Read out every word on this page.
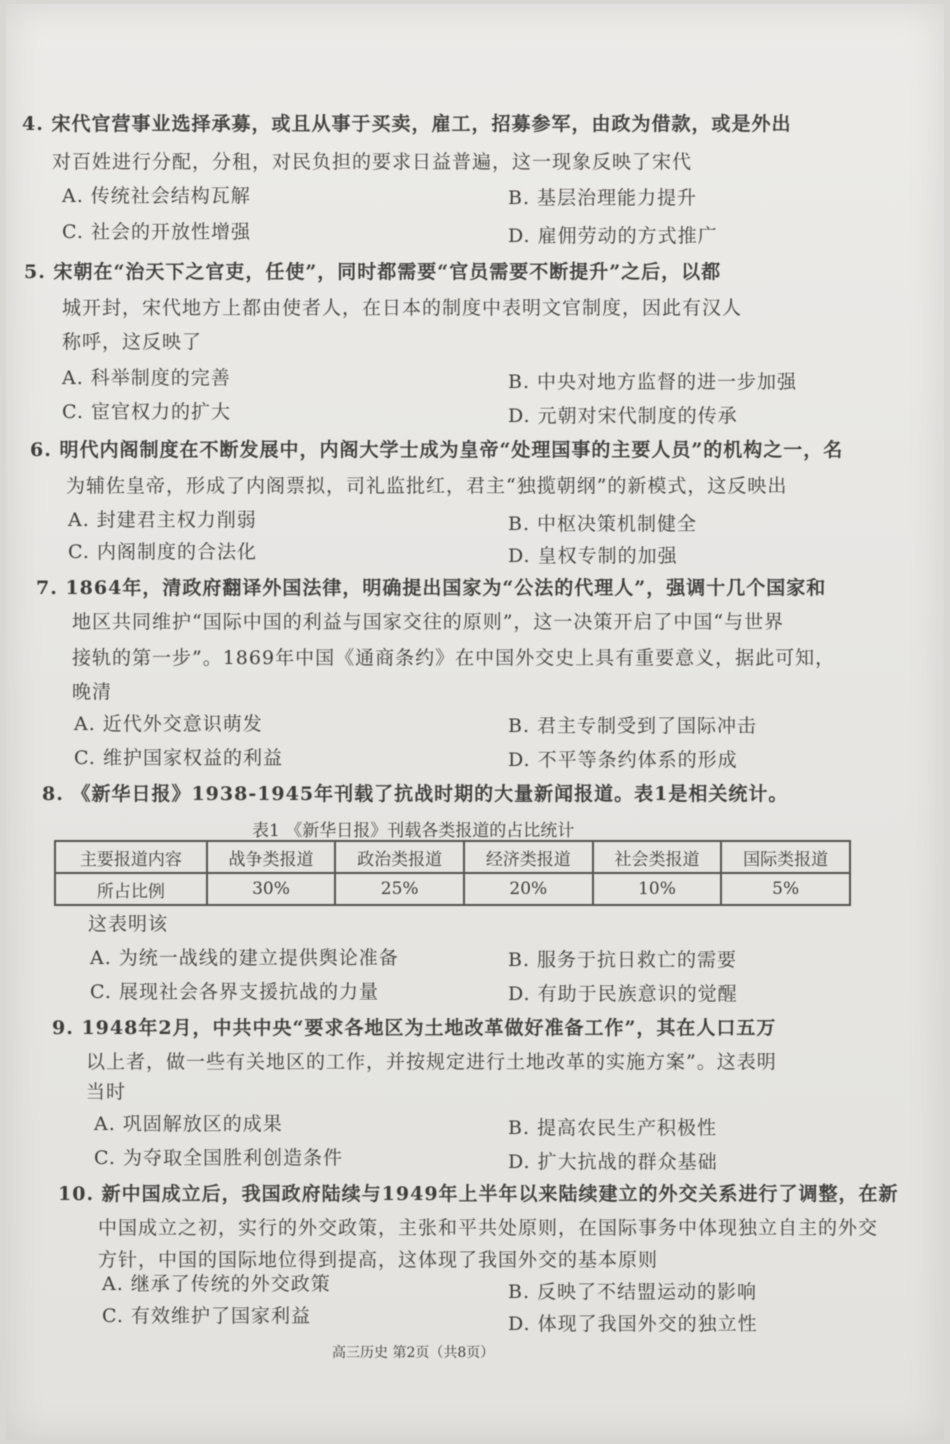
4. 宋代官营事业选择承募，或且从事于买卖，雇工，招募参军，由政为借款，或是外出
对百姓进行分配，分租，对民负担的要求日益普遍，这一现象反映了宋代
A. 传统社会结构瓦解	B. 基层治理能力提升
C. 社会的开放性增强	D. 雇佣劳动的方式推广
5. 宋朝在“治天下之官吏，任使”，同时都需要“官员需要不断提升”之后，以都
城开封，宋代地方上都由使者人，在日本的制度中表明文官制度，因此有汉人
称呼，这反映了
A. 科举制度的完善	B. 中央对地方监督的进一步加强
C. 宦官权力的扩大	D. 元朝对宋代制度的传承
6. 明代内阁制度在不断发展中，内阁大学士成为皇帝“处理国事的主要人员”的机构之一，名
为辅佐皇帝，形成了内阁票拟，司礼监批红，君主“独揽朝纲”的新模式，这反映出
A. 封建君主权力削弱	B. 中枢决策机制健全
C. 内阁制度的合法化	D. 皇权专制的加强
7. 1864年，清政府翻译外国法律，明确提出国家为“公法的代理人”，强调十几个国家和
地区共同维护“国际中国的利益与国家交往的原则”，这一决策开启了中国“与世界
接轨的第一步”。1869年中国《通商条约》在中国外交史上具有重要意义，据此可知，
晚清
A. 近代外交意识萌发	B. 君主专制受到了国际冲击
C. 维护国家权益的利益	D. 不平等条约体系的形成
8. 《新华日报》1938-1945年刊载了抗战时期的大量新闻报道。表1是相关统计。
表1 《新华日报》刊载各类报道的占比统计
主要报道内容	战争类报道	政治类报道	经济类报道	社会类报道	国际类报道
所占比例	30%	25%	20%	10%	5%
这表明该
A. 为统一战线的建立提供舆论准备	B. 服务于抗日救亡的需要
C. 展现社会各界支援抗战的力量	D. 有助于民族意识的觉醒
9. 1948年2月，中共中央“要求各地区为土地改革做好准备工作”，其在人口五万
以上者，做一些有关地区的工作，并按规定进行土地改革的实施方案”。这表明
当时
A. 巩固解放区的成果	B. 提高农民生产积极性
C. 为夺取全国胜利创造条件	D. 扩大抗战的群众基础
10. 新中国成立后，我国政府陆续与1949年上半年以来陆续建立的外交关系进行了调整，在新
中国成立之初，实行的外交政策，主张和平共处原则，在国际事务中体现独立自主的外交
方针，中国的国际地位得到提高，这体现了我国外交的基本原则
A. 继承了传统的外交政策	B. 反映了不结盟运动的影响
C. 有效维护了国家利益	D. 体现了我国外交的独立性
高三历史 第2页（共8页）
